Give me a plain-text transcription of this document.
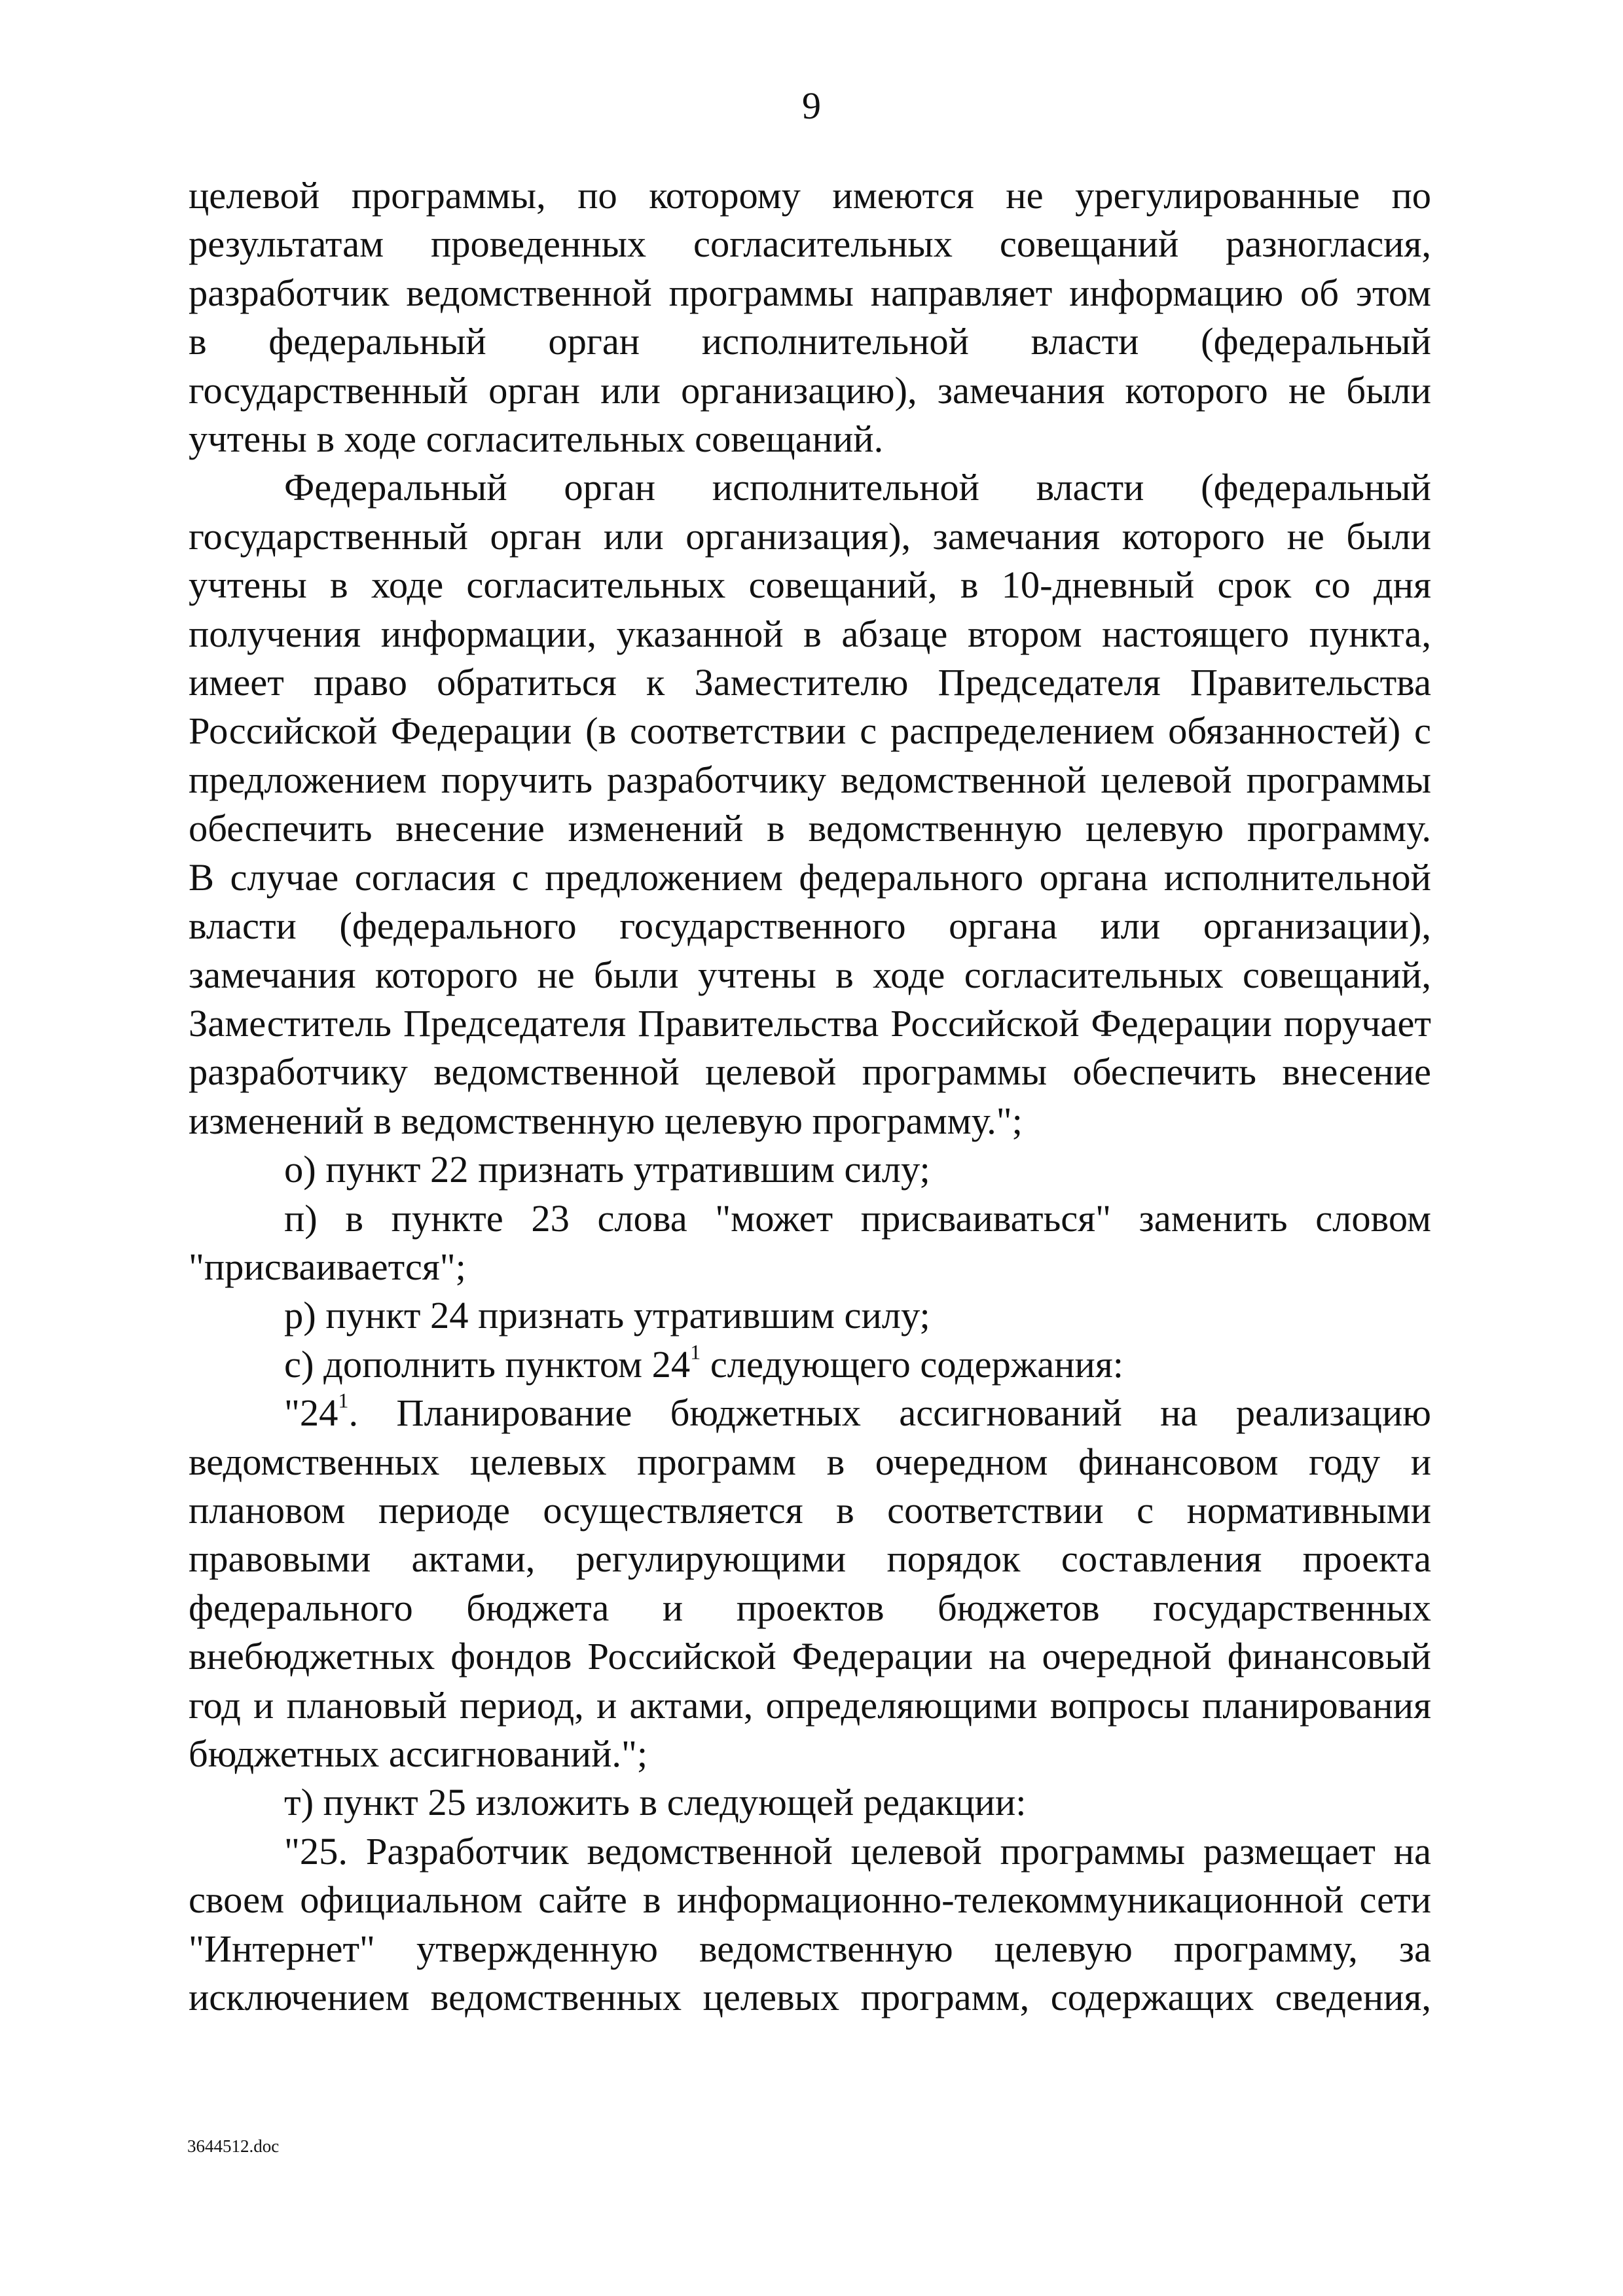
9

целевой программы, по которому имеются не урегулированные по
результатам проведенных согласительных совещаний разногласия,
разработчик ведомственной программы направляет информацию об этом
в федеральный орган исполнительной власти (федеральный
государственный орган или организацию), замечания которого не были
учтены в ходе согласительных совещаний.

Федеральный орган исполнительной власти (федеральный
государственный орган или организация), замечания которого не были
учтены в ходе согласительных совещаний, в 10-дневный срок со дня
получения информации, указанной в абзаце втором настоящего пункта,
имеет право обратиться к Заместителю Председателя Правительства
Российской Федерации (в соответствии с распределением обязанностей) с
предложением поручить разработчику ведомственной целевой программы
обеспечить внесение изменений в ведомственную целевую программу.
В случае согласия с предложением федерального органа исполнительной
власти (федерального государственного органа или организации),
замечания которого не были учтены в ходе согласительных совещаний,
Заместитель Председателя Правительства Российской Федерации поручает
разработчику ведомственной целевой программы обеспечить внесение
изменений в ведомственную целевую программу.";

о) пункт 22 признать утратившим силу;

п) в пункте 23 слова "может присваиваться" заменить словом
"присваивается";

р) пункт 24 признать утратившим силу;

с) дополнить пунктом $24^1$ следующего содержания:

"$24^1$. Планирование бюджетных ассигнований на реализацию
ведомственных целевых программ в очередном финансовом году и
плановом периоде осуществляется в соответствии с нормативными
правовыми актами, регулирующими порядок составления проекта
федерального бюджета и проектов бюджетов государственных
внебюджетных фондов Российской Федерации на очередной финансовый
год и плановый период, и актами, определяющими вопросы планирования
бюджетных ассигнований.";

т) пункт 25 изложить в следующей редакции:

"25. Разработчик ведомственной целевой программы размещает на
своем официальном сайте в информационно-телекоммуникационной сети
"Интернет" утвержденную ведомственную целевую программу, за
исключением ведомственных целевых программ, содержащих сведения,

3644512.doc
